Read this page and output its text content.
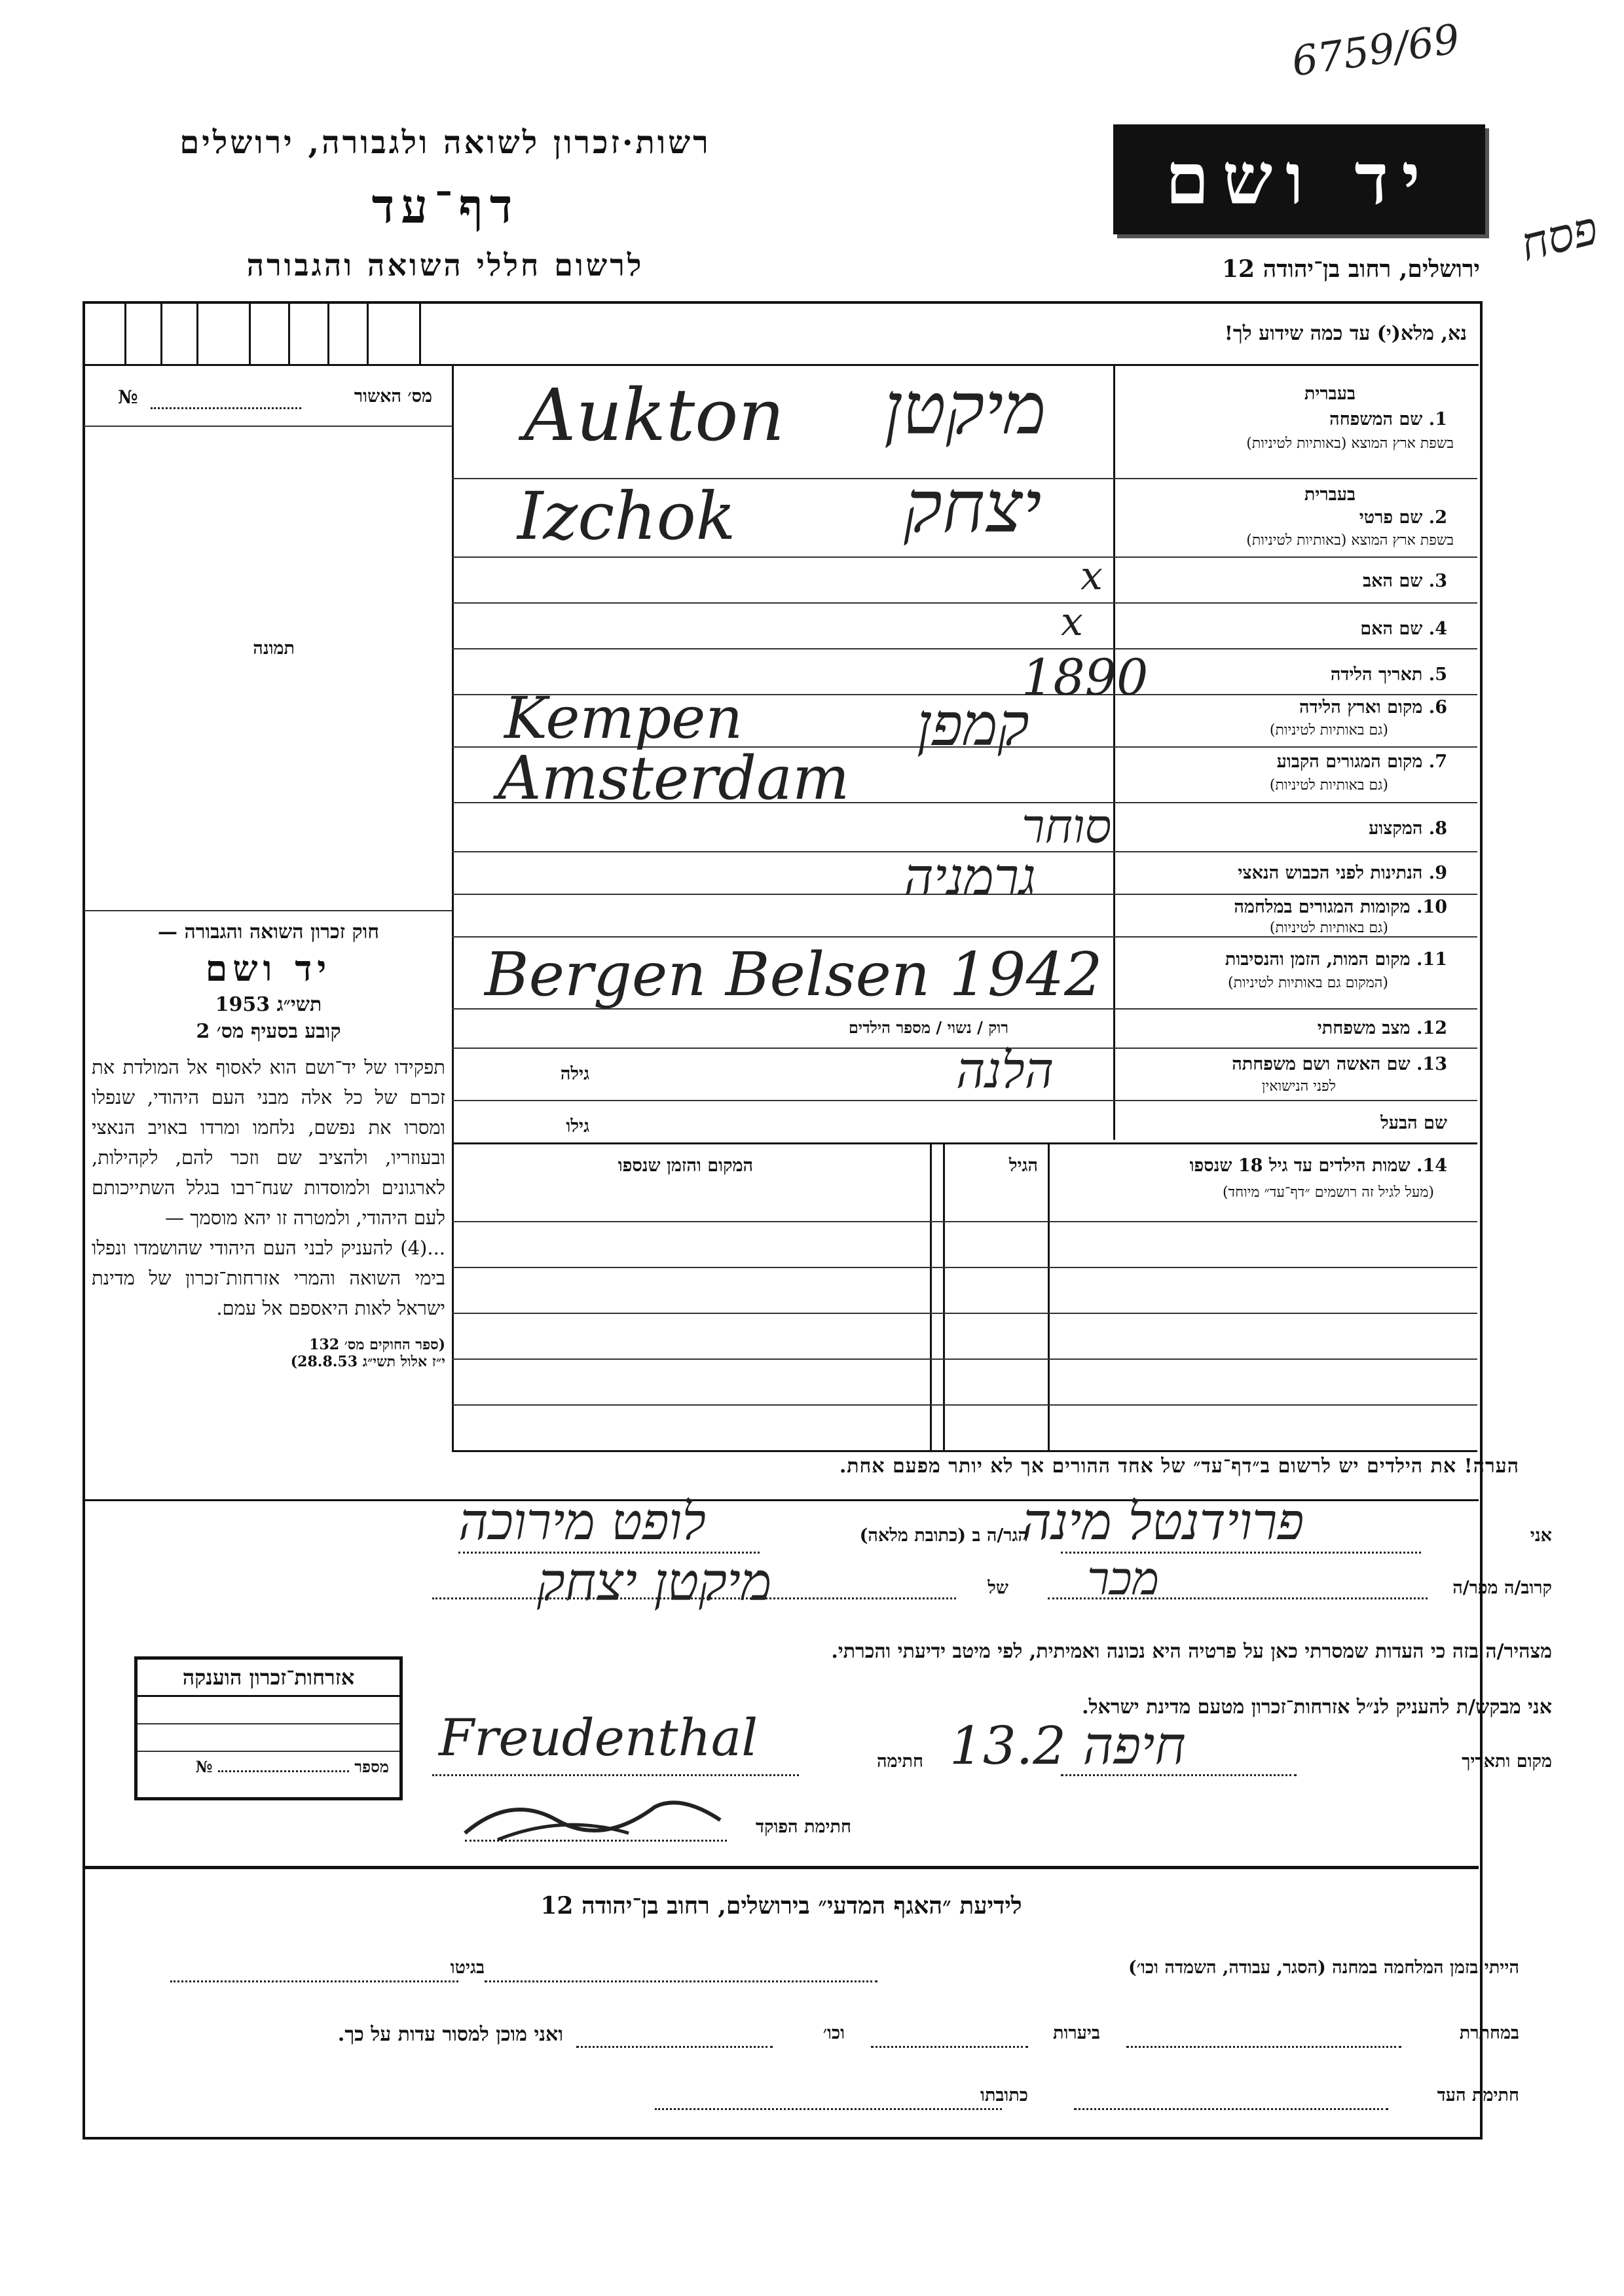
6759/69
פסח
רשות·זכרון לשואה ולגבורה, ירושלים
דף־עד
לרשום חללי השואה והגבורה
יד ושם
ירושלים, רחוב בן־יהודה 12
נא, מלא(י) עד כמה שידוע לך!
מס׳ האשור
№
תמונה
בעברית
1. שם המשפחה
בשפת ארץ המוצא (באותיות לטיניות)
בעברית
2. שם פרטי
בשפת ארץ המוצא (באותיות לטיניות)
3. שם האב
4. שם האם
5. תאריך הלידה
6. מקום וארץ הלידה
(גם באותיות לטיניות)
7. מקום המגורים הקבוע
(גם באותיות לטיניות)
8. המקצוע
9. הנתינות לפני הכבוש הנאצי
10. מקומות המגורים במלחמה
(גם באותיות לטיניות)
11. מקום המות, הזמן והנסיבות
(המקום גם באותיות לטיניות)
12. מצב משפחתי
רוק / נשוי / מספר הילדים
13. שם האשה ושם משפחתה
לפני הנישואין
גילה
שם הבעל
גילו
14. שמות הילדים עד גיל 18 שנספו
(מעל לגיל זה רושמים ״דף־עד״ מיוחד)
הגיל
המקום והזמן שנספו
Aukton מיקטן
Izchok יצחק
x
x
1890
Kempen	קמפן
Amsterdam
סוחר
גרמניה
Bergen Belsen 1942
הלנה
חוק זכרון השואה והגבורה —
יד ושם
תשי״ג 1953
קובע בסעיף מס׳ 2
תפקידו של יד־ושם הוא לאסוף אל המולדת את זכרם של כל אלה מבני העם היהודי, שנפלו ומסרו את נפשם, נלחמו ומרדו באויב הנאצי ובעוזריו, ולהציב שם וזכר להם, לקהילות, לארגונים ולמוסדות שנח־רבו בגלל השתייכותם לעם היהודי, ולמטרה זו יהא מוסמך —
...(4) להעניק לבני העם היהודי שהושמדו ונפלו בימי השואה והמרי אזרחות־זכרון של מדינת ישראל לאות היאספם אל עמם.
(ספר החוקים מס׳ 132
י״ז אלול תשי״ג 28.8.53)
הערה! את הילדים יש לרשום ב״דף־עד״ של אחד ההורים אך לא יותר מפעם אחת.
אני
פרוידנטל מינה
הגר/ה ב (כתובת מלאה)
לופט מירוכה
קרוב/ה מפר/ה
מכר
של
מיקטן יצחק
מצהיר/ה בזה כי העדות שמסרתי כאן על פרטיה היא נכונה ואמיתית, לפי מיטב ידיעתי והכרתי.
אני מבקש/ת להעניק לנ״ל אזרחות־זכרון מטעם מדינת ישראל.
מקום ותאריך
חיפה 13.2
חתימה
Freudenthal
חתימת הפוקד
אזרחות־זכרון הוענקה
מספר  №
לידיעת ״האגף המדעי״ בירושלים, רחוב בן־יהודה 12
הייתי בזמן המלחמה במחנה (הסגר, עבודה, השמדה וכו׳)
בגיטו
במחתרת
ביערות
וכו׳
ואני מוכן למסור עדות על כך.
חתימת העד
כתובתו
